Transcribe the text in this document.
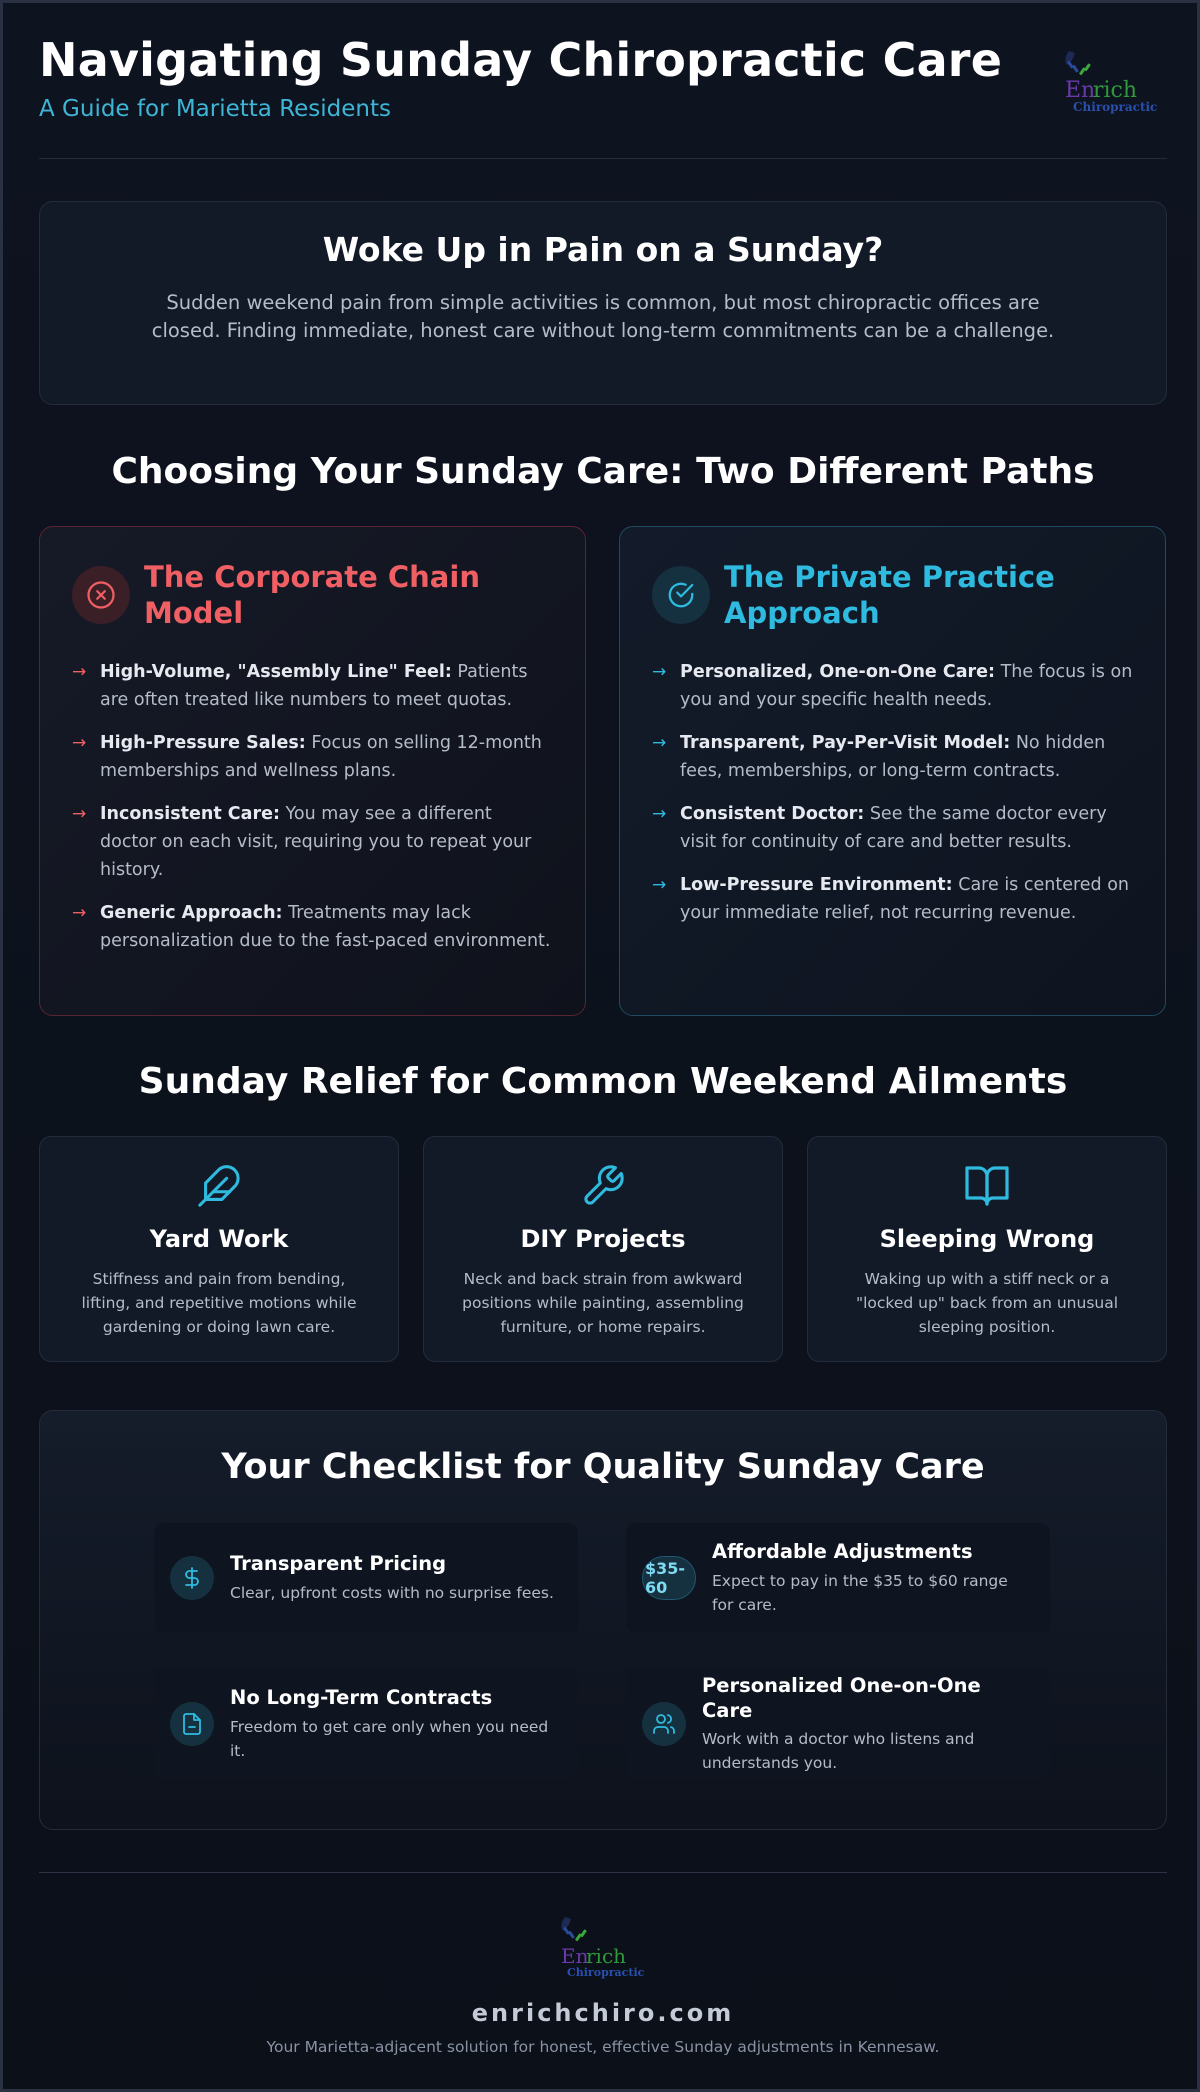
Navigating Sunday Chiropractic Care
A Guide for Marietta Residents
En
rich
Chiropractic
Woke Up in Pain on a Sunday?

Sudden weekend pain from simple activities is common, but most chiropractic offices are closed. Finding immediate, honest care without long-term commitments can be a challenge.

Choosing Your Sunday Care: Two Different Paths
The Corporate Chain Model
→ High-Volume, "Assembly Line" Feel: Patients are often treated like numbers to meet quotas.
→ High-Pressure Sales: Focus on selling 12-month memberships and wellness plans.
→ Inconsistent Care: You may see a different doctor on each visit, requiring you to repeat your history.
→ Generic Approach: Treatments may lack personalization due to the fast-paced environment.
The Private Practice Approach
→ Personalized, One-on-One Care: The focus is on you and your specific health needs.
→ Transparent, Pay-Per-Visit Model: No hidden fees, memberships, or long-term contracts.
→ Consistent Doctor: See the same doctor every visit for continuity of care and better results.
→ Low-Pressure Environment: Care is centered on your immediate relief, not recurring revenue.
Sunday Relief for Common Weekend Ailments
Yard Work
Stiffness and pain from bending, lifting, and repetitive motions while gardening or doing lawn care.
DIY Projects
Neck and back strain from awkward positions while painting, assembling furniture, or home repairs.
Sleeping Wrong
Waking up with a stiff neck or a "locked up" back from an unusual sleeping position.
Your Checklist for Quality Sunday Care
Transparent Pricing
Clear, upfront costs with no surprise fees.
$35-60
Affordable Adjustments
Expect to pay in the $35 to $60 range for care.
No Long-Term Contracts
Freedom to get care only when you need it.
Personalized One-on-One Care
Work with a doctor who listens and understands you.
En
rich
Chiropractic
enrichchiro.com
Your Marietta-adjacent solution for honest, effective Sunday adjustments in Kennesaw.
